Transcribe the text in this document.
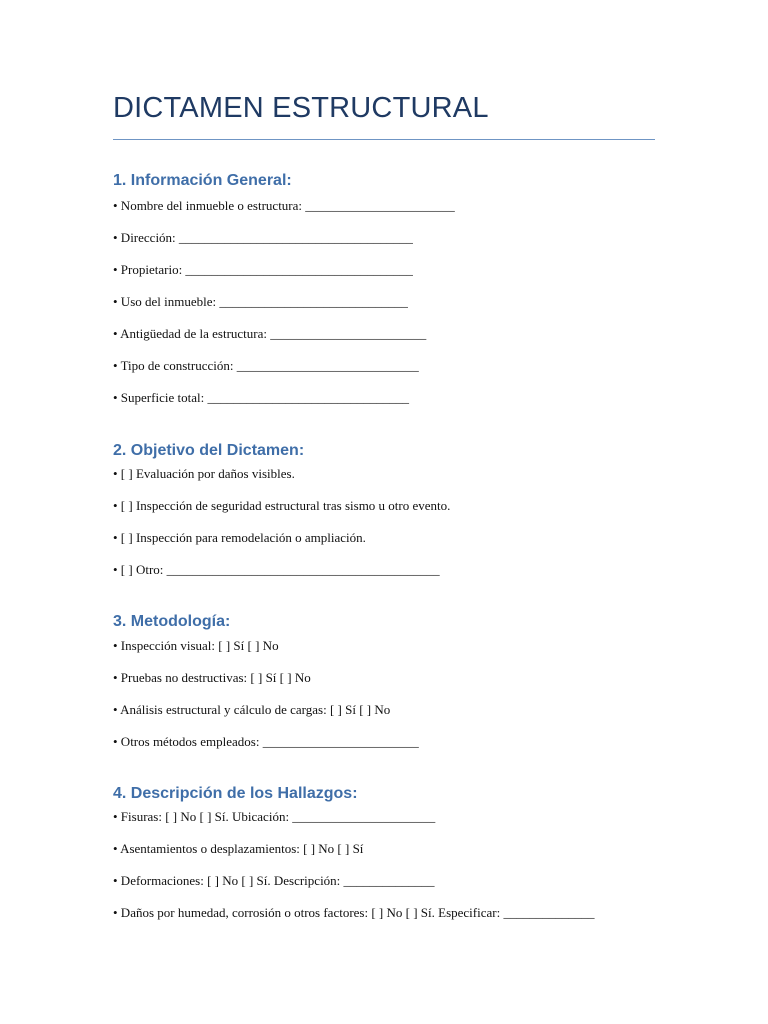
DICTAMEN ESTRUCTURAL
1. Información General:
• Nombre del inmueble o estructura: _______________________
• Dirección: ____________________________________
• Propietario: ___________________________________
• Uso del inmueble: _____________________________
• Antigüedad de la estructura: ________________________
• Tipo de construcción: ____________________________
• Superficie total: _______________________________
2. Objetivo del Dictamen:
• [ ] Evaluación por daños visibles.
• [ ] Inspección de seguridad estructural tras sismo u otro evento.
• [ ] Inspección para remodelación o ampliación.
• [ ] Otro: __________________________________________
3. Metodología:
• Inspección visual: [ ] Sí [ ] No
• Pruebas no destructivas: [ ] Sí [ ] No
• Análisis estructural y cálculo de cargas: [ ] Sí [ ] No
• Otros métodos empleados: ________________________
4. Descripción de los Hallazgos:
• Fisuras: [ ] No [ ] Sí. Ubicación: ______________________
• Asentamientos o desplazamientos: [ ] No [ ] Sí
• Deformaciones: [ ] No [ ] Sí. Descripción: ______________
• Daños por humedad, corrosión o otros factores: [ ] No [ ] Sí. Especificar: ______________
